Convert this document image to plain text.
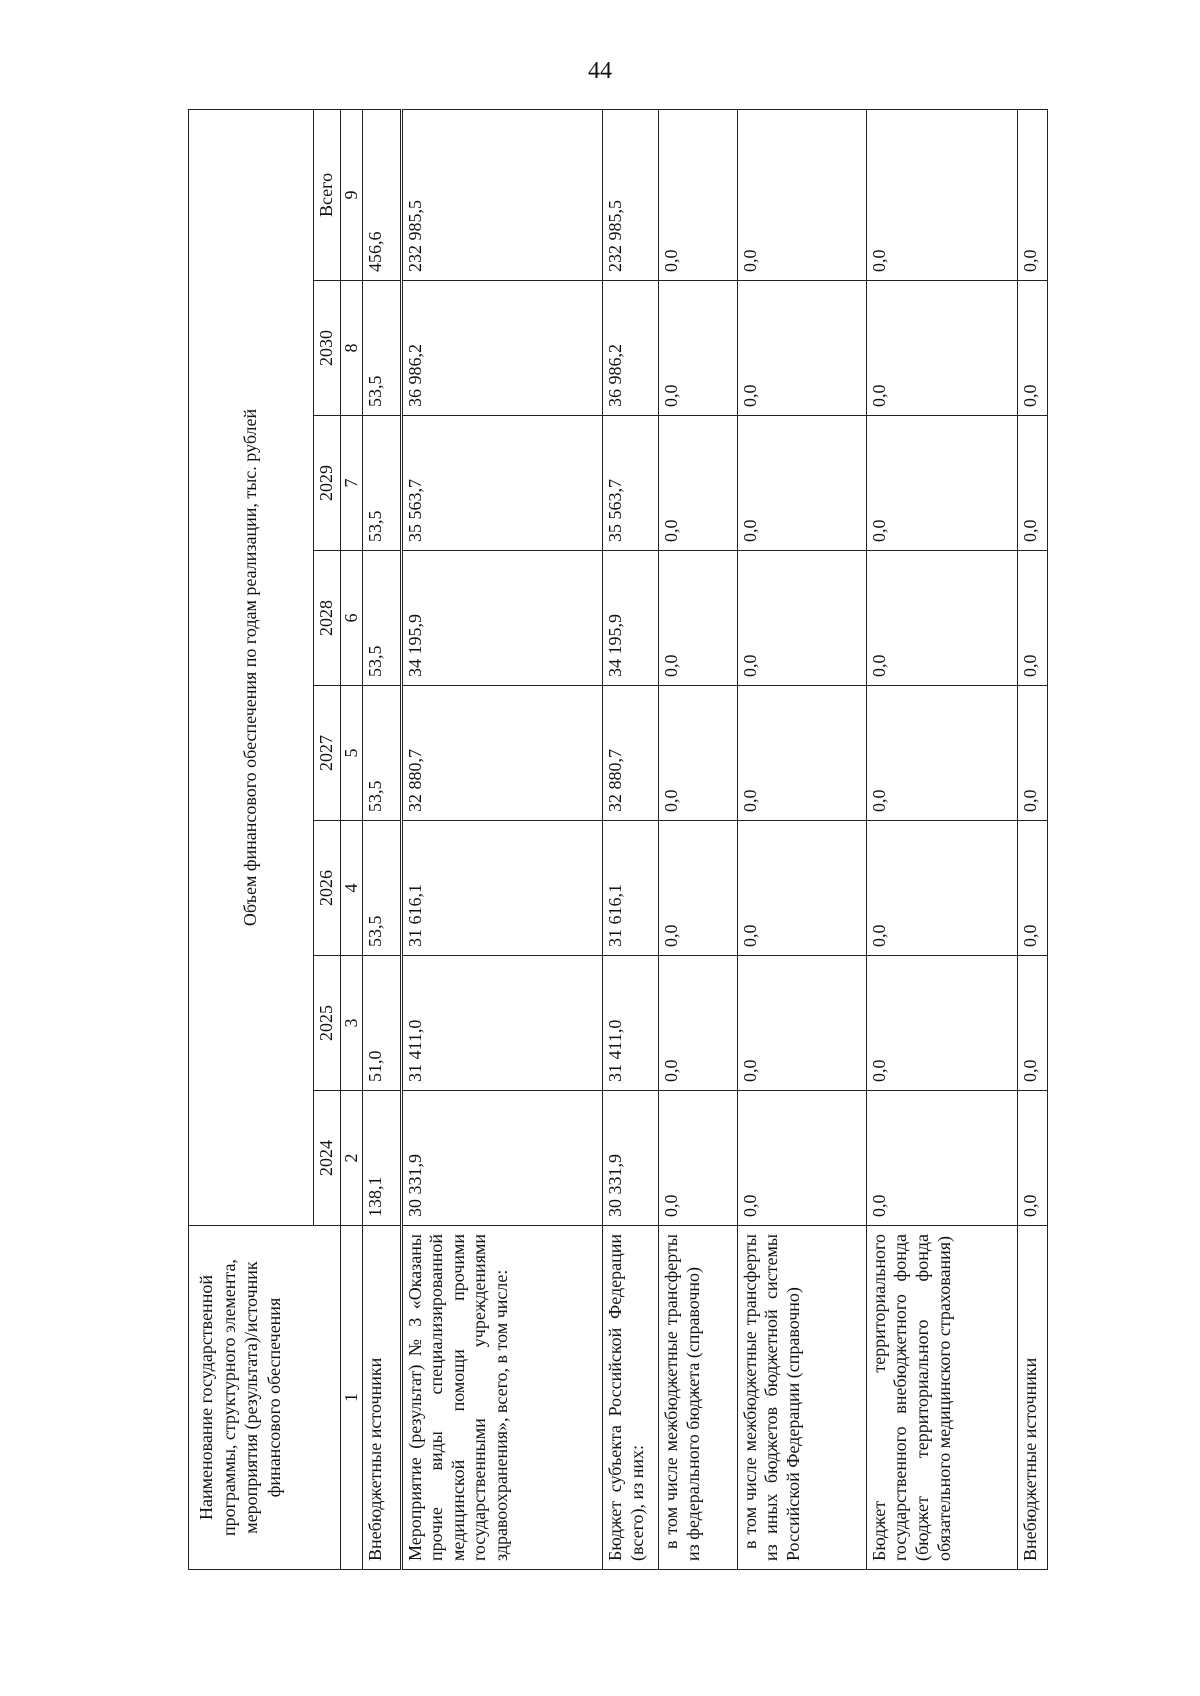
44
Наименование государственной программы, структурного элемента, мероприятия (результата)/источник финансового обеспечения	Объем финансового обеспечения по годам реализации, тыс. рублей							
	2024	2025	2026	2027	2028	2029	2030	Всего
1	2	3	4	5	6	7	8	9
Внебюджетные источники	138,1	51,0	53,5	53,5	53,5	53,5	53,5	456,6
Мероприятие (результат) № 3 «Оказаны прочие виды специализированной медицинской помощи прочими государственными учреждениями здравоохранения», всего, в том числе:	30 331,9	31 411,0	31 616,1	32 880,7	34 195,9	35 563,7	36 986,2	232 985,5
Бюджет субъекта Российской Федерации (всего), из них:	30 331,9	31 411,0	31 616,1	32 880,7	34 195,9	35 563,7	36 986,2	232 985,5
в том числе межбюджетные трансферты из федерального бюджета (справочно)	0,0	0,0	0,0	0,0	0,0	0,0	0,0	0,0
в том числе межбюджетные трансферты из иных бюджетов бюджетной системы Российской Федерации (справочно)	0,0	0,0	0,0	0,0	0,0	0,0	0,0	0,0
Бюджет территориального государственного внебюджетного фонда (бюджет территориального фонда обязательного медицинского страхования)	0,0	0,0	0,0	0,0	0,0	0,0	0,0	0,0
Внебюджетные источники	0,0	0,0	0,0	0,0	0,0	0,0	0,0	0,0
